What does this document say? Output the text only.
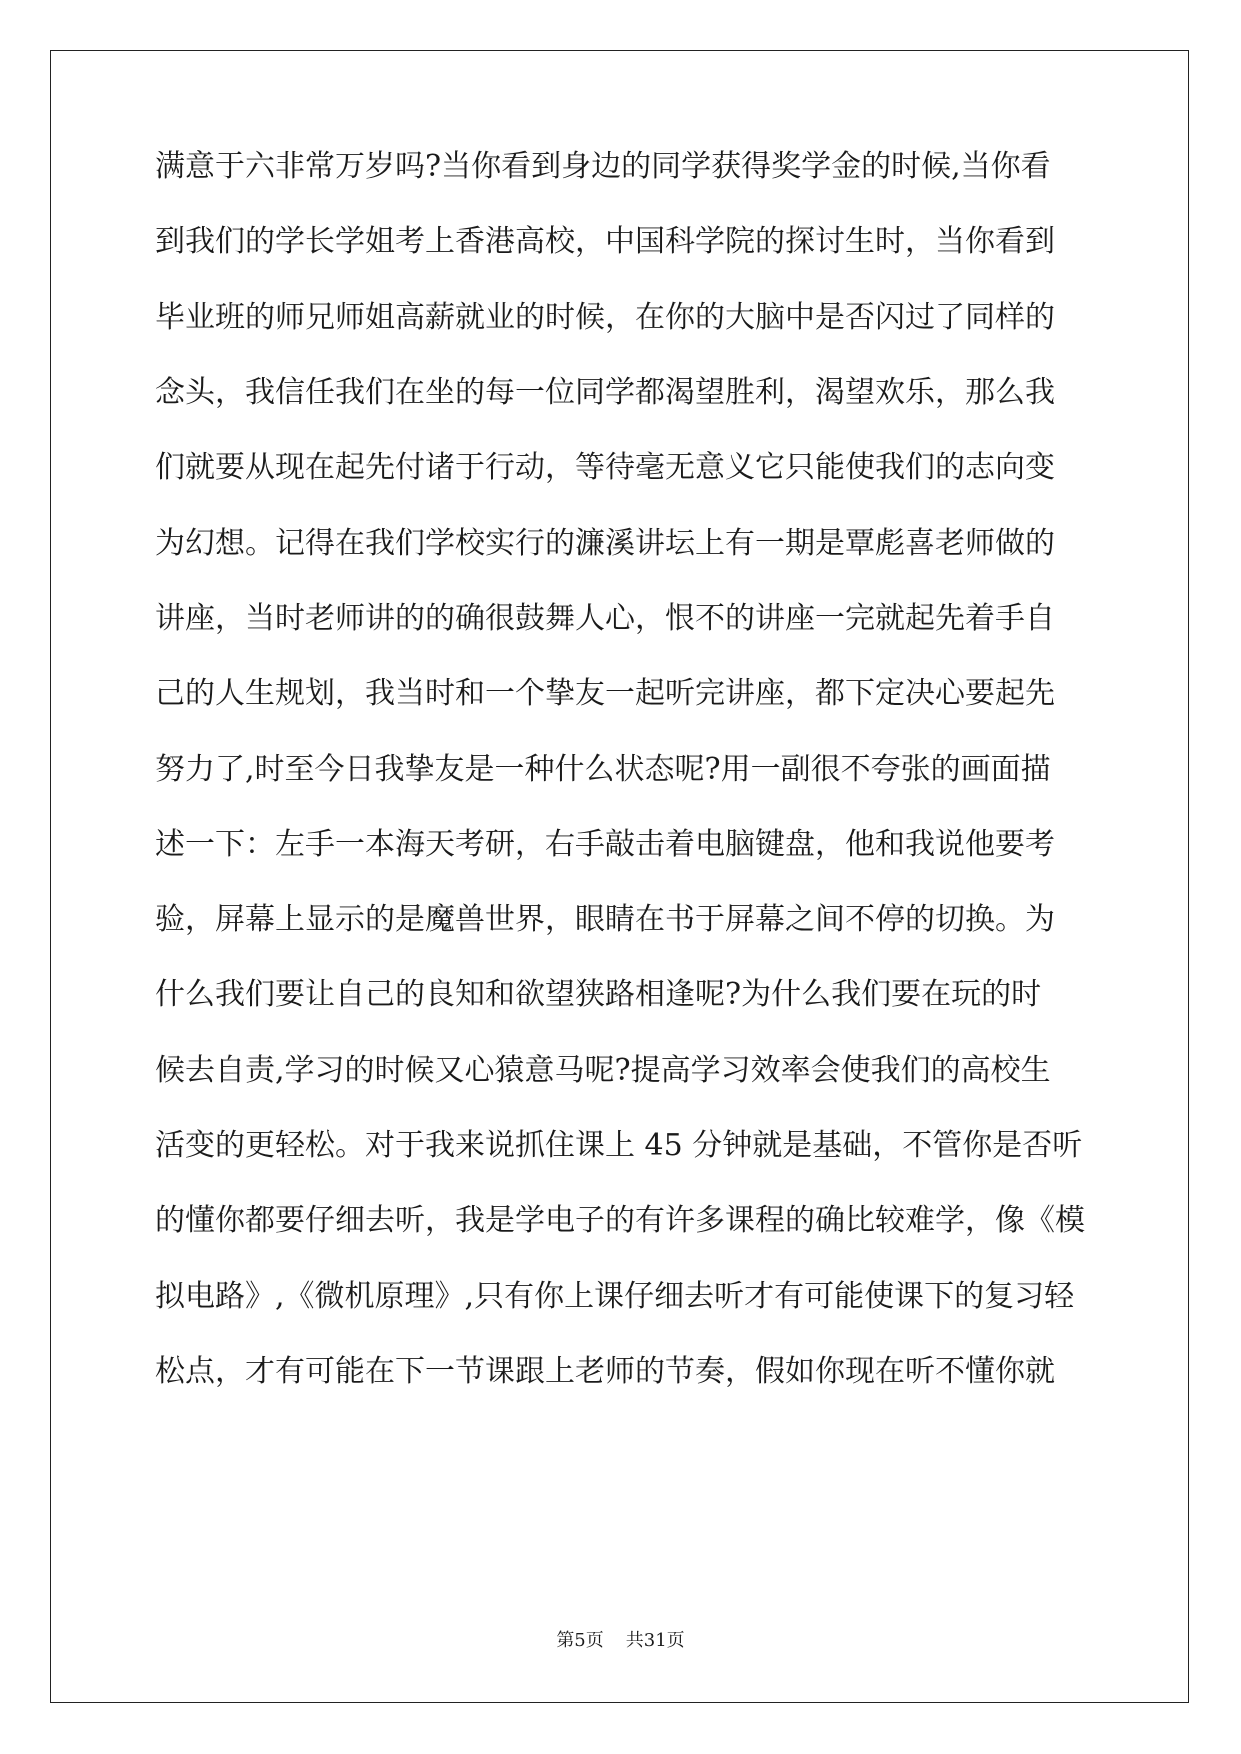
满意于六非常万岁吗?当你看到身边的同学获得奖学金的时候,当你看
到我们的学长学姐考上香港高校，中国科学院的探讨生时，当你看到
毕业班的师兄师姐高薪就业的时候，在你的大脑中是否闪过了同样的
念头，我信任我们在坐的每一位同学都渴望胜利，渴望欢乐，那么我
们就要从现在起先付诸于行动，等待毫无意义它只能使我们的志向变
为幻想。记得在我们学校实行的濂溪讲坛上有一期是覃彪喜老师做的
讲座，当时老师讲的的确很鼓舞人心，恨不的讲座一完就起先着手自
己的人生规划，我当时和一个挚友一起听完讲座，都下定决心要起先
努力了,时至今日我挚友是一种什么状态呢?用一副很不夸张的画面描
述一下：左手一本海天考研，右手敲击着电脑键盘，他和我说他要考
验，屏幕上显示的是魔兽世界，眼睛在书于屏幕之间不停的切换。为
什么我们要让自己的良知和欲望狭路相逢呢?为什么我们要在玩的时
候去自责,学习的时候又心猿意马呢?提高学习效率会使我们的高校生
活变的更轻松。对于我来说抓住课上 45 分钟就是基础，不管你是否听
的懂你都要仔细去听，我是学电子的有许多课程的确比较难学，像《模
拟电路》,《微机原理》,只有你上课仔细去听才有可能使课下的复习轻
松点，才有可能在下一节课跟上老师的节奏，假如你现在听不懂你就
第5页 共31页
